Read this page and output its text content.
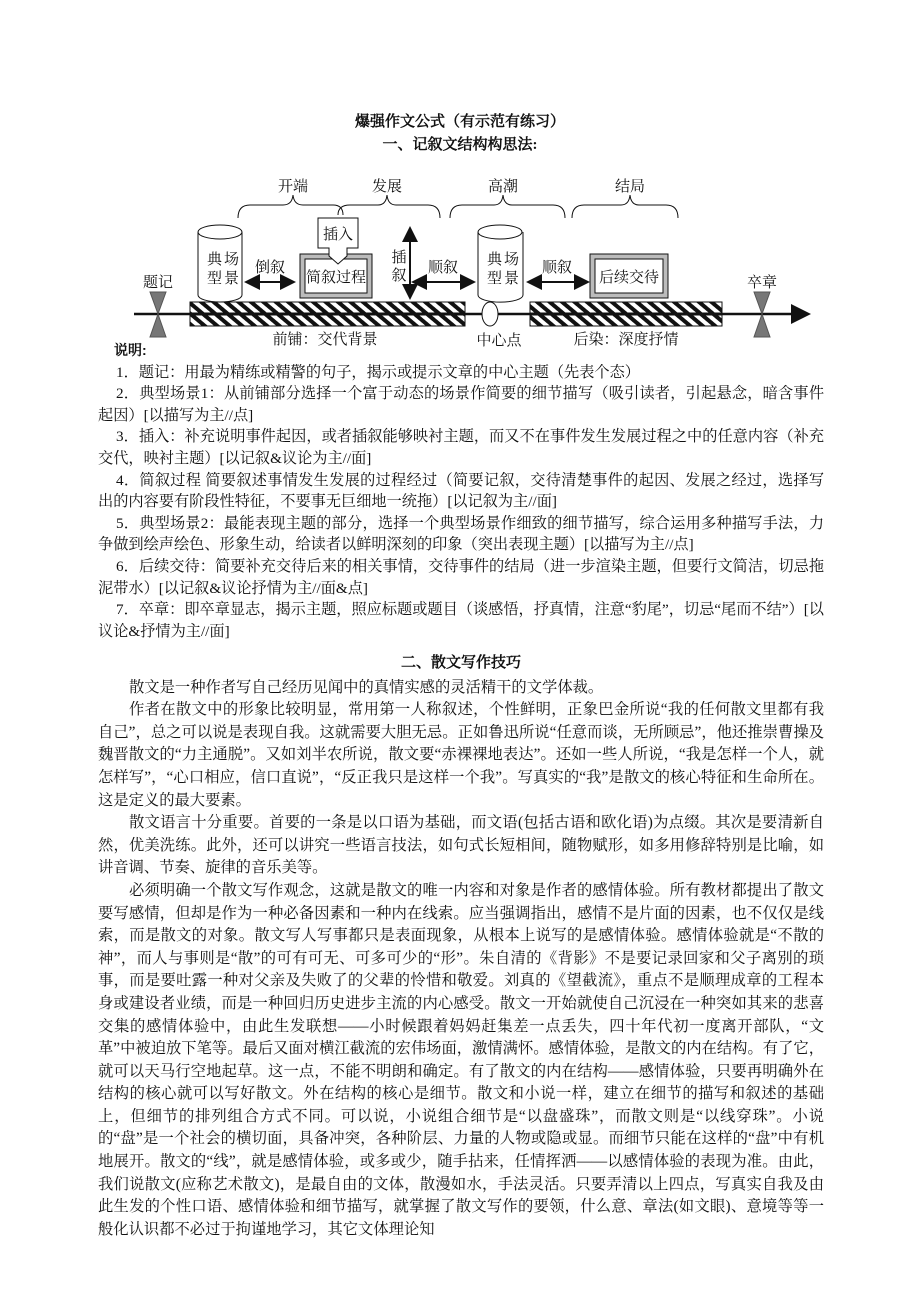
爆强作文公式（有示范有练习）
一、记叙文结构构思法:
开端	发展	高潮	结局
典 场
型 景
倒叙
简叙过程
插入
插
叙 顺叙 典 场
型 景
顺叙
后续交待
题记	卒章
前铺：交代背景	中心点	后染：深度抒情
说明:

1．题记：用最为精练或精警的句子，揭示或提示文章的中心主题（先表个态）

2．典型场景1：从前铺部分选择一个富于动态的场景作简要的细节描写（吸引读者，引起悬念，暗含事件起因）[以描写为主//点]

3．插入：补充说明事件起因，或者插叙能够映衬主题，而又不在事件发生发展过程之中的任意内容（补充交代，映衬主题）[以记叙&议论为主//面]

4．简叙过程 简要叙述事情发生发展的过程经过（简要记叙，交待清楚事件的起因、发展之经过，选择写出的内容要有阶段性特征，不要事无巨细地一统拖）[以记叙为主//面]

5．典型场景2：最能表现主题的部分，选择一个典型场景作细致的细节描写，综合运用多种描写手法，力争做到绘声绘色、形象生动，给读者以鲜明深刻的印象（突出表现主题）[以描写为主//点]

6．后续交待：简要补充交待后来的相关事情，交待事件的结局（进一步渲染主题，但要行文简洁，切忌拖泥带水）[以记叙&议论抒情为主//面&点]

7．卒章：即卒章显志，揭示主题，照应标题或题目（谈感悟，抒真情，注意“豹尾”，切忌“尾而不结”）[以议论&抒情为主//面]

二、散文写作技巧

散文是一种作者写自己经历见闻中的真情实感的灵活精干的文学体裁。

作者在散文中的形象比较明显，常用第一人称叙述，个性鲜明，正象巴金所说“我的任何散文里都有我自己”，总之可以说是表现自我。这就需要大胆无忌。正如鲁迅所说“任意而谈，无所顾忌”，他还推崇曹操及魏晋散文的“力主通脱”。又如刘半农所说，散文要“赤裸裸地表达”。还如一些人所说，“我是怎样一个人，就怎样写”，“心口相应，信口直说”，“反正我只是这样一个我”。写真实的“我”是散文的核心特征和生命所在。这是定义的最大要素。

散文语言十分重要。首要的一条是以口语为基础，而文语(包括古语和欧化语)为点缀。其次是要清新自然，优美洗练。此外，还可以讲究一些语言技法，如句式长短相间，随物赋形，如多用修辞特别是比喻，如讲音调、节奏、旋律的音乐美等。

必须明确一个散文写作观念，这就是散文的唯一内容和对象是作者的感情体验。所有教材都提出了散文要写感情，但却是作为一种必备因素和一种内在线索。应当强调指出，感情不是片面的因素，也不仅仅是线索，而是散文的对象。散文写人写事都只是表面现象，从根本上说写的是感情体验。感情体验就是“不散的神”，而人与事则是“散”的可有可无、可多可少的“形”。朱自清的《背影》不是要记录回家和父子离别的琐事，而是要吐露一种对父亲及失败了的父辈的怜惜和敬爱。刘真的《望截流》，重点不是顺理成章的工程本身或建设者业绩，而是一种回归历史进步主流的内心感受。散文一开始就使自己沉浸在一种突如其来的悲喜交集的感情体验中，由此生发联想——小时候跟着妈妈赶集差一点丢失，四十年代初一度离开部队，“文革”中被迫放下笔等。最后又面对横江截流的宏伟场面，激情满怀。感情体验，是散文的内在结构。有了它，就可以天马行空地起草。这一点，不能不明朗和确定。有了散文的内在结构——感情体验，只要再明确外在结构的核心就可以写好散文。外在结构的核心是细节。散文和小说一样，建立在细节的描写和叙述的基础上，但细节的排列组合方式不同。可以说，小说组合细节是“以盘盛珠”，而散文则是“以线穿珠”。小说的“盘”是一个社会的横切面，具备冲突，各种阶层、力量的人物或隐或显。而细节只能在这样的“盘”中有机地展开。散文的“线”，就是感情体验，或多或少，随手拈来，任情挥洒——以感情体验的表现为准。由此，我们说散文(应称艺术散文)，是最自由的文体，散漫如水，手法灵活。只要弄清以上四点，写真实自我及由此生发的个性口语、感情体验和细节描写，就掌握了散文写作的要领，什么意、章法(如文眼)、意境等等一般化认识都不必过于拘谨地学习，其它文体理论知
